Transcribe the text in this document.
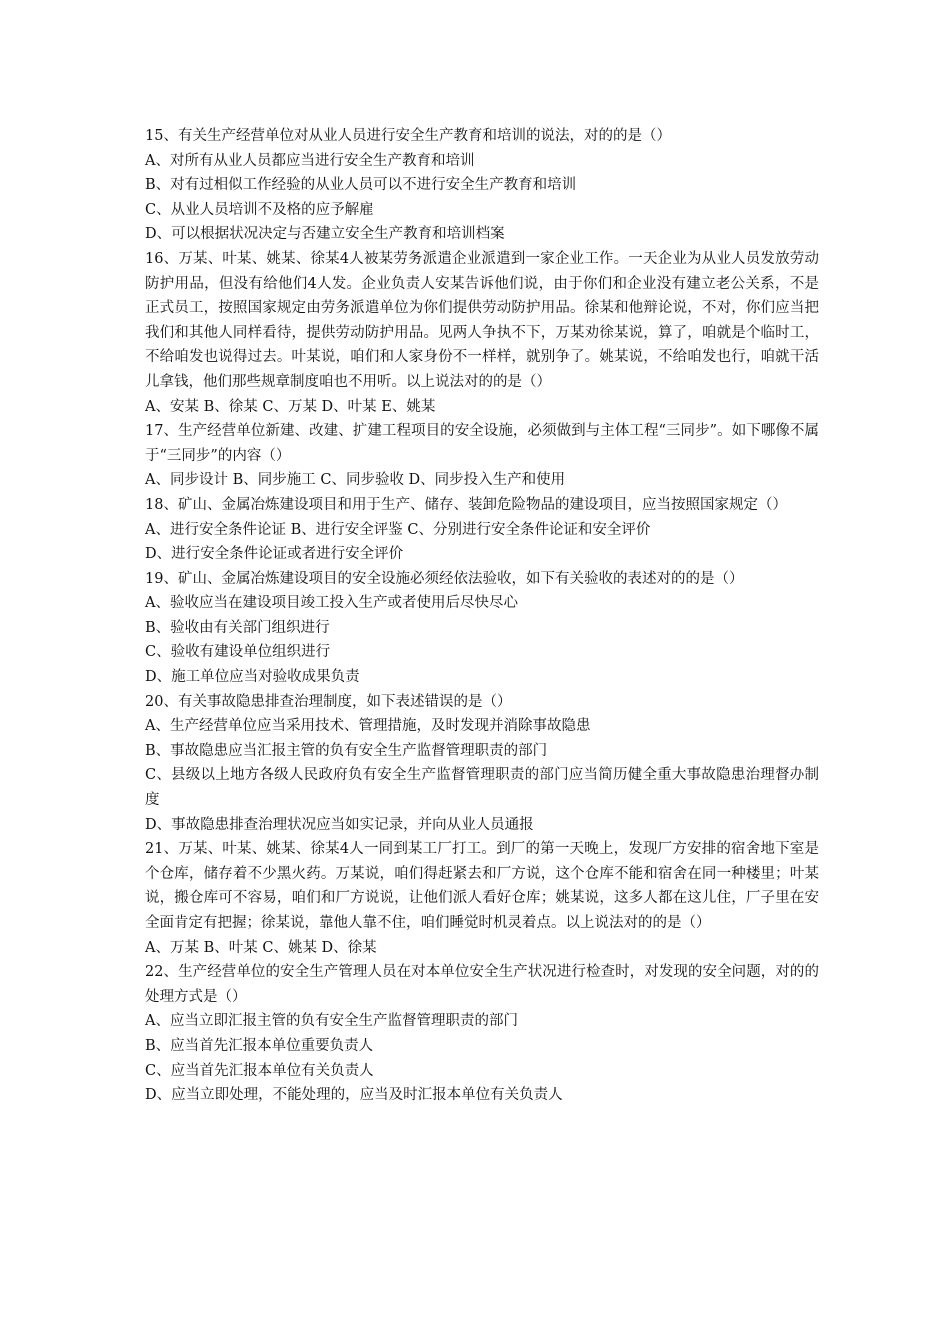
15、有关生产经营单位对从业人员进行安全生产教育和培训的说法，对的的是（）

A、对所有从业人员都应当进行安全生产教育和培训

B、对有过相似工作经验的从业人员可以不进行安全生产教育和培训

C、从业人员培训不及格的应予解雇

D、可以根据状况决定与否建立安全生产教育和培训档案

16、万某、叶某、姚某、徐某4人被某劳务派遣企业派遣到一家企业工作。一天企业为从业人员发放劳动防护用品，但没有给他们4人发。企业负责人安某告诉他们说，由于你们和企业没有建立老公关系，不是正式员工，按照国家规定由劳务派遣单位为你们提供劳动防护用品。徐某和他辩论说，不对，你们应当把我们和其他人同样看待，提供劳动防护用品。见两人争执不下，万某劝徐某说，算了，咱就是个临时工，不给咱发也说得过去。叶某说，咱们和人家身份不一样样，就别争了。姚某说，不给咱发也行，咱就干活儿拿钱，他们那些规章制度咱也不用听。以上说法对的的是（）

A、安某 B、徐某 C、万某 D、叶某 E、姚某

17、生产经营单位新建、改建、扩建工程项目的安全设施，必须做到与主体工程“三同步”。如下哪像不属于“三同步”的内容（）

A、同步设计 B、同步施工 C、同步验收 D、同步投入生产和使用

18、矿山、金属冶炼建设项目和用于生产、储存、装卸危险物品的建设项目，应当按照国家规定（）

A、进行安全条件论证 B、进行安全评鉴 C、分别进行安全条件论证和安全评价

D、进行安全条件论证或者进行安全评价

19、矿山、金属冶炼建设项目的安全设施必须经依法验收，如下有关验收的表述对的的是（）

A、验收应当在建设项目竣工投入生产或者使用后尽快尽心

B、验收由有关部门组织进行

C、验收有建设单位组织进行

D、施工单位应当对验收成果负责

20、有关事故隐患排查治理制度，如下表述错误的是（）

A、生产经营单位应当采用技术、管理措施，及时发现并消除事故隐患

B、事故隐患应当汇报主管的负有安全生产监督管理职责的部门

C、县级以上地方各级人民政府负有安全生产监督管理职责的部门应当简历健全重大事故隐患治理督办制度

D、事故隐患排查治理状况应当如实记录，并向从业人员通报

21、万某、叶某、姚某、徐某4人一同到某工厂打工。到厂的第一天晚上，发现厂方安排的宿舍地下室是个仓库，储存着不少黑火药。万某说，咱们得赶紧去和厂方说，这个仓库不能和宿舍在同一种楼里；叶某说，搬仓库可不容易，咱们和厂方说说，让他们派人看好仓库；姚某说，这多人都在这儿住，厂子里在安全面肯定有把握；徐某说，靠他人靠不住，咱们睡觉时机灵着点。以上说法对的的是（）

A、万某 B、叶某 C、姚某 D、徐某

22、生产经营单位的安全生产管理人员在对本单位安全生产状况进行检查时，对发现的安全问题，对的的处理方式是（）

A、应当立即汇报主管的负有安全生产监督管理职责的部门

B、应当首先汇报本单位重要负责人

C、应当首先汇报本单位有关负责人

D、应当立即处理，不能处理的，应当及时汇报本单位有关负责人
